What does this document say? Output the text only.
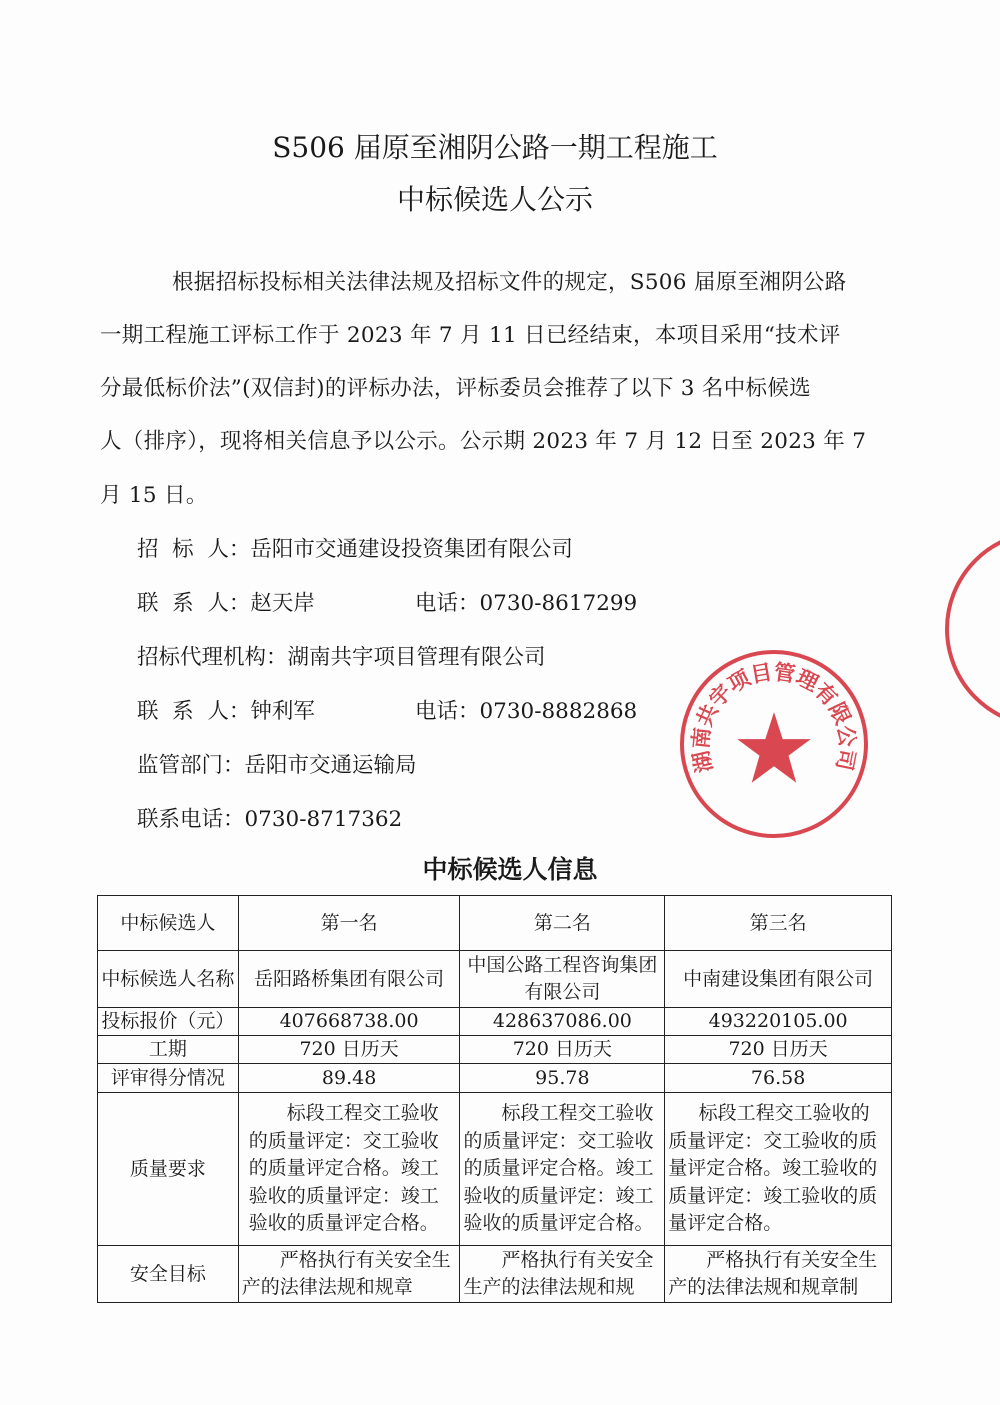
S506 届原至湘阴公路一期工程施工
中标候选人公示
根据招标投标相关法律法规及招标文件的规定，S506 届原至湘阴公路
一期工程施工评标工作于 2023 年 7 月 11 日已经结束，本项目采用“技术评
分最低标价法”(双信封)的评标办法，评标委员会推荐了以下 3 名中标候选
人（排序），现将相关信息予以公示。公示期 2023 年 7 月 12 日至 2023 年 7
月 15 日。
招  标  人：岳阳市交通建设投资集团有限公司
联  系  人：赵天岸	电话：0730-8617299
招标代理机构：湖南共宇项目管理有限公司
联  系  人：钟利军	电话：0730-8882868
监管部门：岳阳市交通运输局
联系电话：0730-8717362
湖南共宇项目管理有限公司
中标候选人信息
中标候选人	第一名	第二名	第三名
中标候选人名称	岳阳路桥集团有限公司	中国公路工程咨询集团有限公司	中南建设集团有限公司
投标报价（元）	407668738.00	428637086.00	493220105.00
工期	720 日历天	720 日历天	720 日历天
评审得分情况	89.48	95.78	76.58
质量要求	标段工程交工验收的质量评定：交工验收的质量评定合格。竣工验收的质量评定：竣工验收的质量评定合格。	标段工程交工验收的质量评定：交工验收的质量评定合格。竣工验收的质量评定：竣工验收的质量评定合格。	标段工程交工验收的质量评定：交工验收的质量评定合格。竣工验收的质量评定：竣工验收的质量评定合格。
安全目标	严格执行有关安全生产的法律法规和规章	严格执行有关安全生产的法律法规和规	严格执行有关安全生产的法律法规和规章制
